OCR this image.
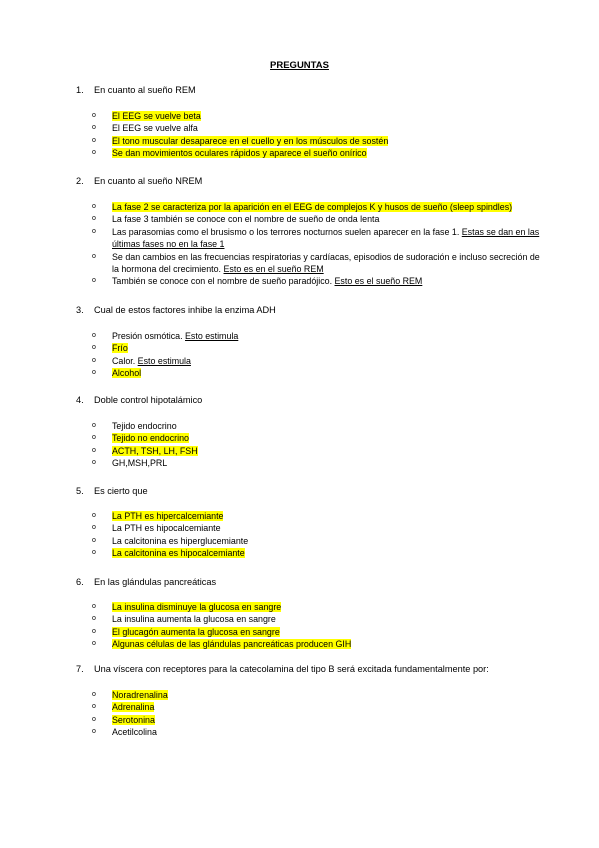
PREGUNTAS
1. En cuanto al sueño REM
o El EEG se vuelve beta
o El EEG se vuelve alfa
o El tono muscular desaparece en el cuello y en los músculos de sostén
o Se dan movimientos oculares rápidos y aparece el sueño onírico
2. En cuanto al sueño NREM
o La fase 2 se caracteriza por la aparición en el EEG de complejos K y husos de sueño (sleep spindles)
o La fase 3 también se conoce con el nombre de sueño de onda lenta
o Las parasomias como el brusismo o los terrores nocturnos suelen aparecer en la fase 1. Estas se dan en las últimas fases no en la fase 1
o Se dan cambios en las frecuencias respiratorias y cardíacas, episodios de sudoración e incluso secreción de la hormona del crecimiento. Esto es en el sueño REM
o También se conoce con el nombre de sueño paradójico. Esto es el sueño REM
3. Cual de estos factores inhibe la enzima ADH
o Presión osmótica. Esto estimula
o Frío
o Calor. Esto estimula
o Alcohol
4. Doble control hipotalámico
o Tejido endocrino
o Tejido no endocrino
o ACTH, TSH, LH, FSH
o GH,MSH,PRL
5. Es cierto que
o La PTH es hipercalcemiante
o La PTH es hipocalcemiante
o La calcitonina es hiperglucemiante
o La calcitonina es hipocalcemiante
6. En las glándulas pancreáticas
o La insulina disminuye la glucosa en sangre
o La insulina aumenta la glucosa en sangre
o El glucagón aumenta la glucosa en sangre
o Algunas células de las glándulas pancreáticas producen GIH
7. Una víscera con receptores para la catecolamina del tipo B será excitada fundamentalmente por:
o Noradrenalina
o Adrenalina
o Serotonina
o Acetilcolina
